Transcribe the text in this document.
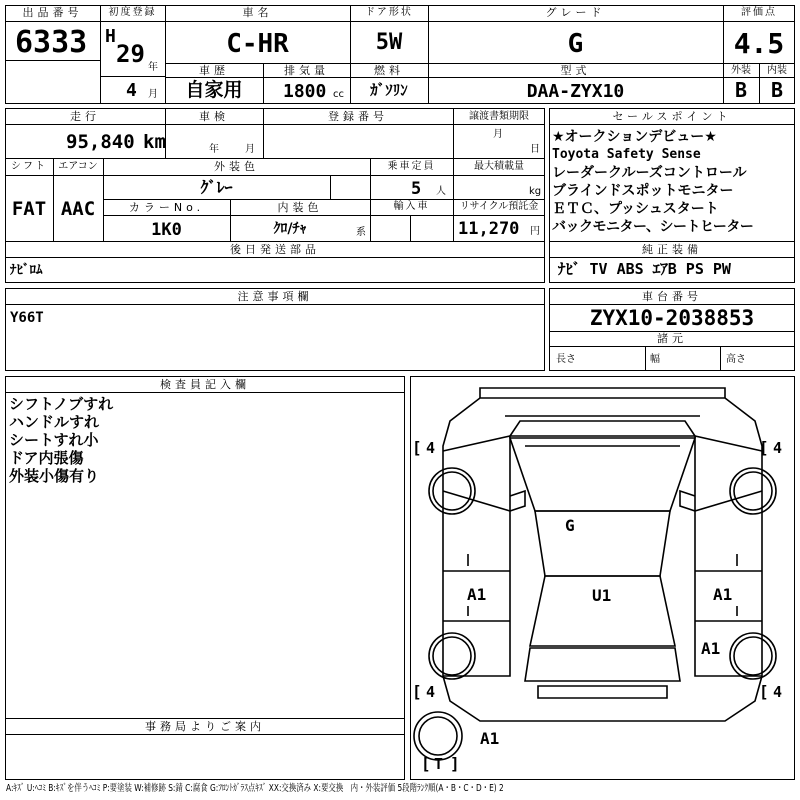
出品番号
6333
初度登録
H
29 年
4 月
車名
C-HR
ドア形状
5W
グレード
G
評価点
4.5
車歴
自家用
排気量
1800 cc
燃料
ｶﾞｿﾘﾝ
型式
DAA-ZYX10
外装
B
内装
B
走行
95,840 km
車検
年	月
登録番号	譲渡書類期限
月
日
シフト
FAT
エアコン
AAC
外装色
ｸﾞﾚｰ
乗車定員
5 人
最大積載量
kg
カラーNo.
1K0
内装色
ｸﾛ/ﾁｬ	系
輸入車	リサイクル預託金
11,270 円
後日発送部品
ﾅﾋﾞﾛﾑ
セールスポイント
★オークションデビュー★
Toyota Safety Sense
レーダークルーズコントロール
ブラインドスポットモニター
ＥＴＣ、プッシュスタート
バックモニター、シートヒーター
純正装備
ﾅﾋﾞ TV ABS ｴｱB PS PW
注意事項欄
Y66T
車台番号
ZYX10-2038853
諸元
長さ	幅	高さ
検査員記入欄
シフトノブすれ
ハンドルすれ
シートすれ小
ドア内張傷
外装小傷有り
事務局よりご案内
[ 4	[ 4
[ 4	[ 4
[ T ]
G
U1
A1	A1
A1
A1
A:ｷｽﾞ U:ﾍｺﾐ B:ｷｽﾞを伴うﾍｺﾐ P:要塗装 W:補修跡 S:錆 C:腐食 G:ﾌﾛﾝﾄｶﾞﾗｽ点ｷｽﾞ XX:交換済み X:要交換　内・外装評価 5段階ﾗﾝｸ順(A・B・C・D・E) 2
